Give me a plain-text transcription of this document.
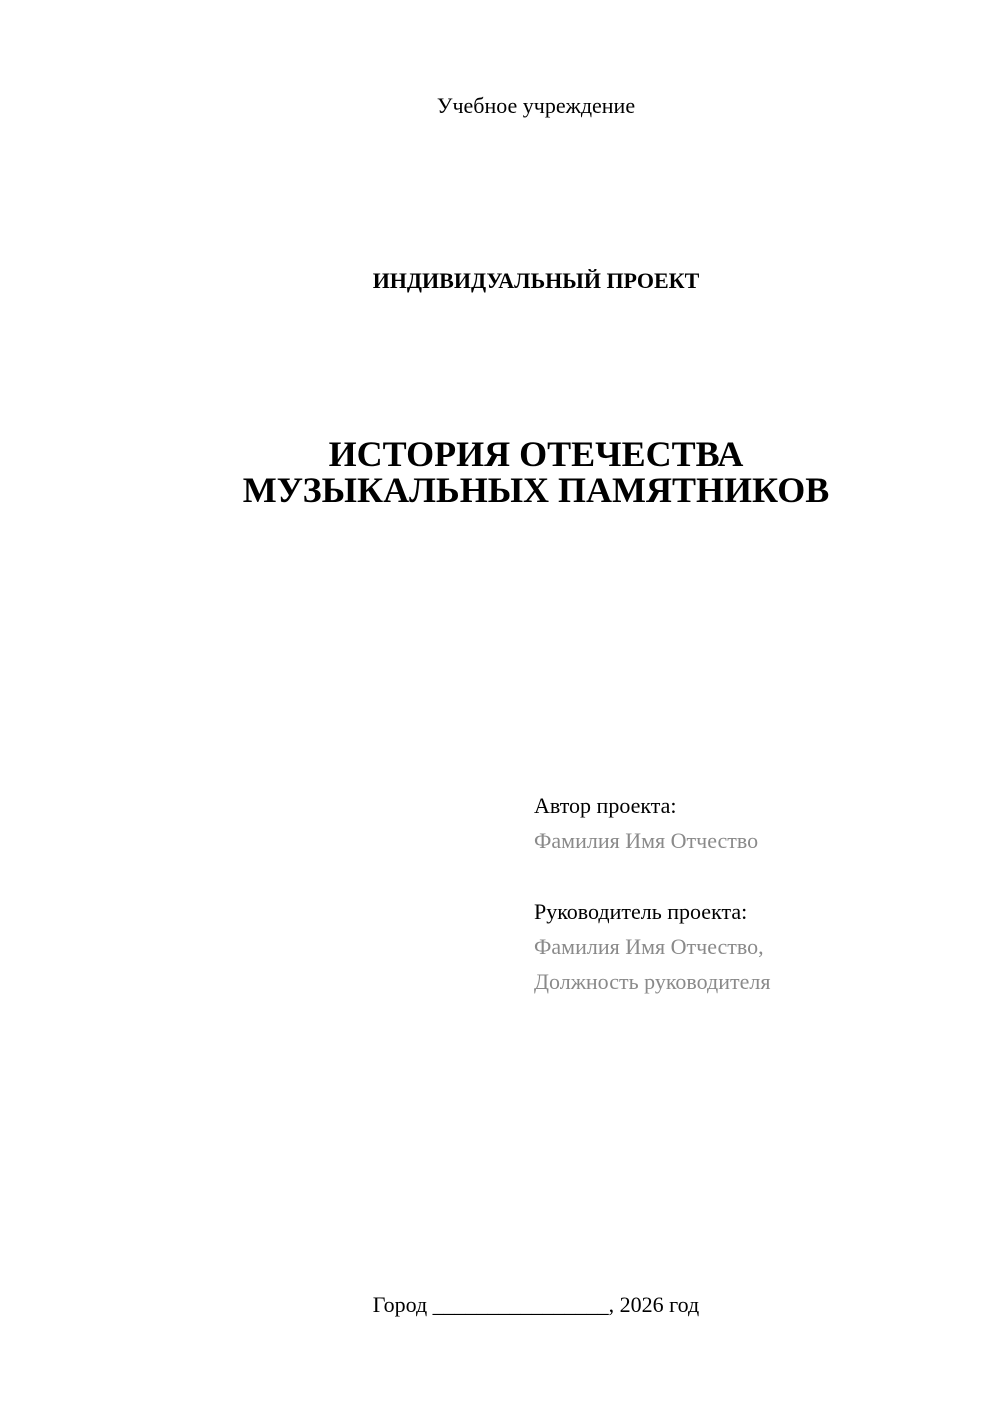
Учебное учреждение
ИНДИВИДУАЛЬНЫЙ ПРОЕКТ
ИСТОРИЯ ОТЕЧЕСТВА
МУЗЫКАЛЬНЫХ ПАМЯТНИКОВ
Автор проекта:
Фамилия Имя Отчество
Руководитель проекта:
Фамилия Имя Отчество,
Должность руководителя
Город ________________, 2026 год
